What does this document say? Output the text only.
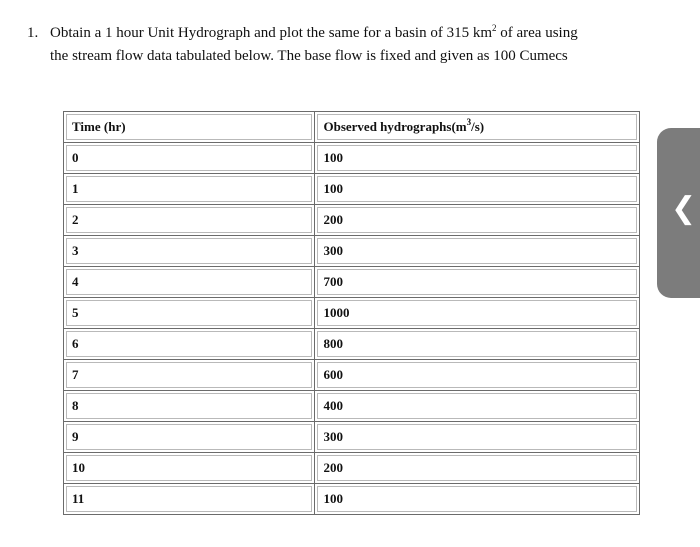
1. Obtain a 1 hour Unit Hydrograph and plot the same for a basin of 315 $km^2$ of area using
the stream flow data tabulated below. The base flow is fixed and given as 100 Cumecs
Time (hr)	Observed $hydrographs(m^3/s)$

0	100

1	100

2	200

3	300

4	700

5	1000

6	800

7	600

8	400

9	300

10	200

11	100
❮
